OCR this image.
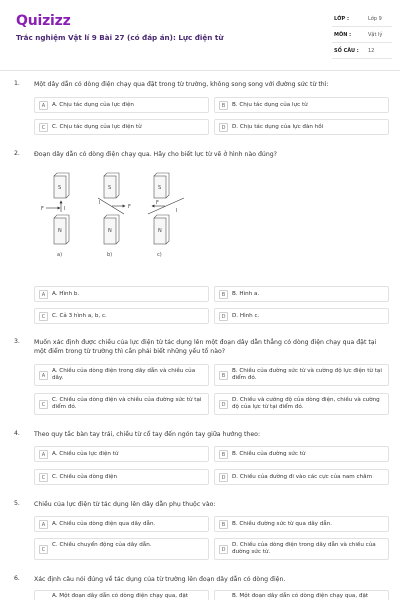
Quizizz
Trắc nghiệm Vật lí 9 Bài 27 (có đáp án): Lực điện từ
LỚP :	Lớp 9
MÔN :	Vật lý
SỐ CÂU : 12
1. Một dây dẫn có dòng điện chạy qua đặt trong từ trường, không song song với đường sức từ thì:
A	A. Chịu tác dụng của lực điện	B	B. Chịu tác dụng của lực từ
C	C. Chịu tác dụng của lực điện từ	D	D. Chịu tác dụng của lực đàn hồi
2. Đoạn dây dẫn có dòng điện chạy qua. Hãy cho biết lực từ vẽ ở hình nào đúng?
S
N
F	I
a)
S
N
F
I
b)
S
N
F
I
c)
A	A. Hình b.	B	B. Hình a.
C	C. Cả 3 hình a, b, c.	D	D. Hình c.
3. Muốn xác định được chiều của lực điện từ tác dụng lên một đoạn dây dẫn thẳng có dòng điện chạy qua đặt tại một điểm trong từ trường thì cần phải biết những yếu tố nào?
A
A. Chiều của dòng điện trong dây dẫn và chiều của dây.	B
B. Chiều của đường sức từ và cường độ lực điện từ tại điểm đó.
C
C. Chiều của dòng điện và chiều của đường sức từ tại điểm đó.	D
D. Chiều và cường độ của dòng điện, chiều và cường độ của lực từ tại điểm đó.
4. Theo quy tắc bàn tay trái, chiều từ cổ tay đến ngón tay giữa hướng theo:
A	A. Chiều của lực điện từ	B	B. Chiều của đường sức từ
C	C. Chiều của dòng điện	D	D. Chiều của đường đi vào các cực của nam châm
5. Chiều của lực điện từ tác dụng lên dây dẫn phụ thuộc vào:
A	A. Chiều của dòng điện qua dây dẫn.	B	B. Chiều đường sức từ qua dây dẫn.
C
C. Chiều chuyển động của dây dẫn.
D
D. Chiều của dòng điện trong dây dẫn và chiều của đường sức từ.
6. Xác định câu nói đúng về tác dụng của từ trường lên đoạn dây dẫn có dòng điện.
A. Một đoạn dây dẫn có dòng điện chạy qua, đặt	B. Một đoạn dây dẫn có dòng điện chạy qua, đặt
